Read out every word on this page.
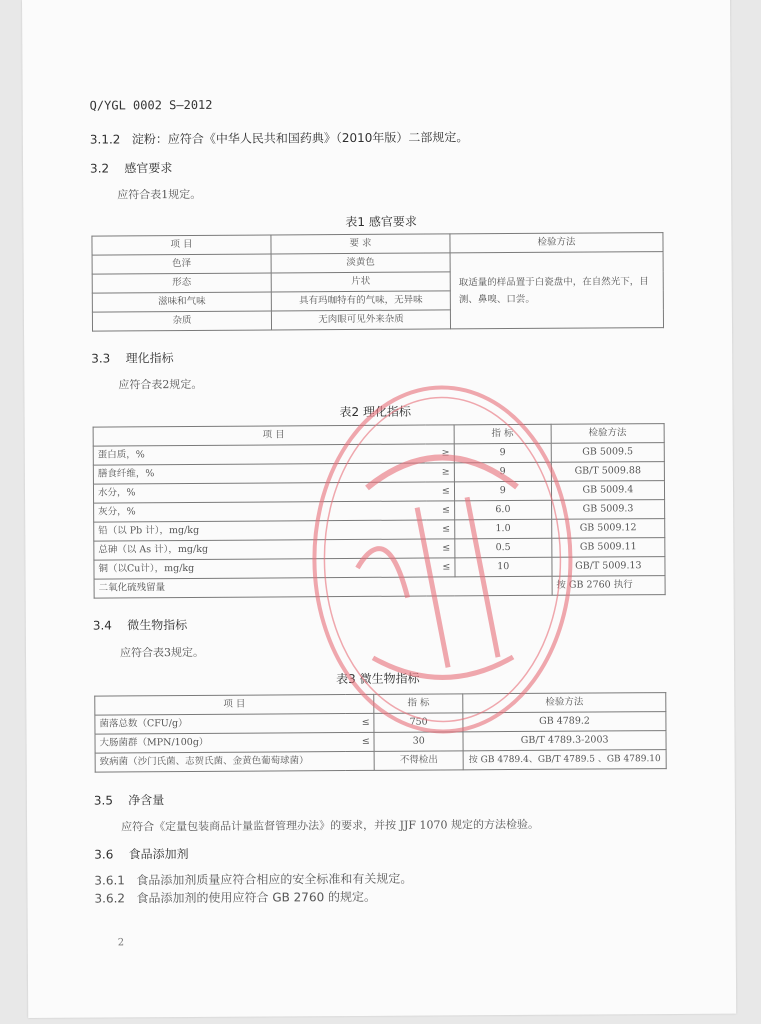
Q/YGL 0002 S—2012
3.1.2 淀粉：应符合《中华人民共和国药典》（2010年版）二部规定。
3.2 感官要求
应符合表1规定。
表1 感官要求
项 目	要 求	检验方法
色泽	淡黄色	取适量的样品置于白瓷盘中，在自然光下，目测、鼻嗅、口尝。
形态	片状	
滋味和气味	具有玛咖特有的气味，无异味	
杂质	无肉眼可见外来杂质	
3.3 理化指标
应符合表2规定。
表2 理化指标
项 目		指 标	检验方法
蛋白质，%	≥	9	GB 5009.5
膳食纤维，%	≥	9	GB/T 5009.88
水分，%	≤	9	GB 5009.4
灰分，%	≤	6.0	GB 5009.3
铅（以 Pb 计），mg/kg	≤	1.0	GB 5009.12
总砷（以 As 计），mg/kg	≤	0.5	GB 5009.11
铜（以Cu计），mg/kg	≤	10	GB/T 5009.13
二氧化硫残留量			按 GB 2760 执行
3.4 微生物指标
应符合表3规定。
表3 微生物指标
项 目		指 标	检验方法
菌落总数（CFU/g）	≤	750	GB 4789.2
大肠菌群（MPN/100g）	≤	30	GB/T 4789.3-2003
致病菌（沙门氏菌、志贺氏菌、金黄色葡萄球菌）		不得检出	按 GB 4789.4、GB/T 4789.5 、GB 4789.10
3.5 净含量
应符合《定量包装商品计量监督管理办法》的要求，并按 JJF 1070 规定的方法检验。
3.6 食品添加剂
3.6.1 食品添加剂质量应符合相应的安全标准和有关规定。
3.6.2 食品添加剂的使用应符合 GB 2760 的规定。
2
